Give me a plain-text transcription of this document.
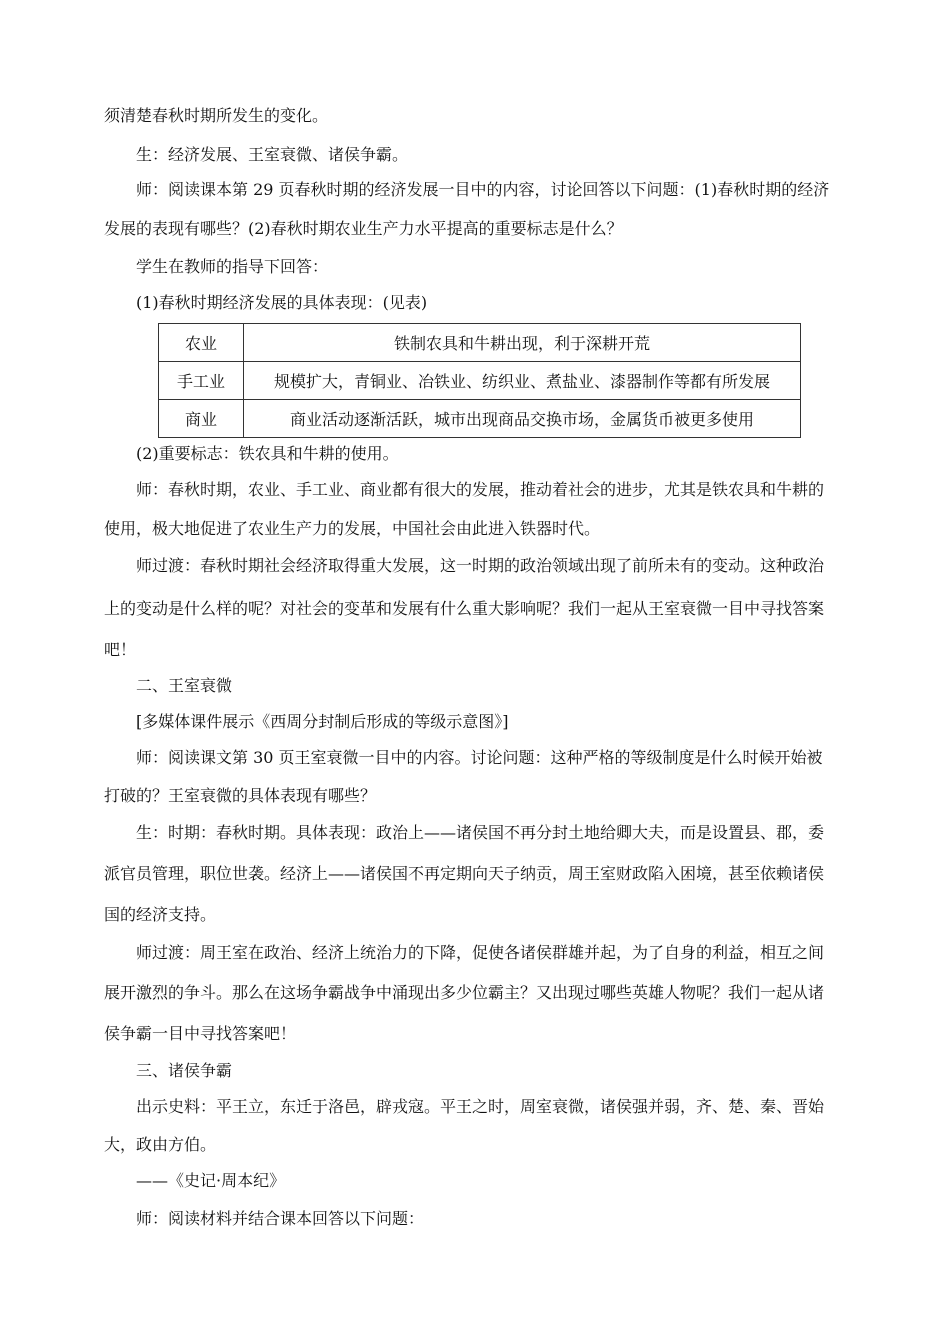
须清楚春秋时期所发生的变化。
生：经济发展、王室衰微、诸侯争霸。
师：阅读课本第 29 页春秋时期的经济发展一目中的内容，讨论回答以下问题：(1)春秋时期的经济
发展的表现有哪些？(2)春秋时期农业生产力水平提高的重要标志是什么？
学生在教师的指导下回答：
(1)春秋时期经济发展的具体表现：(见表)
农业	铁制农具和牛耕出现，利于深耕开荒
手工业	规模扩大，青铜业、冶铁业、纺织业、煮盐业、漆器制作等都有所发展
商业	商业活动逐渐活跃，城市出现商品交换市场，金属货币被更多使用
(2)重要标志：铁农具和牛耕的使用。
师：春秋时期，农业、手工业、商业都有很大的发展，推动着社会的进步，尤其是铁农具和牛耕的
使用，极大地促进了农业生产力的发展，中国社会由此进入铁器时代。
师过渡：春秋时期社会经济取得重大发展，这一时期的政治领域出现了前所未有的变动。这种政治
上的变动是什么样的呢？对社会的变革和发展有什么重大影响呢？我们一起从王室衰微一目中寻找答案
吧！
二、王室衰微
[多媒体课件展示《西周分封制后形成的等级示意图》]
师：阅读课文第 30 页王室衰微一目中的内容。讨论问题：这种严格的等级制度是什么时候开始被
打破的？王室衰微的具体表现有哪些？
生：时期：春秋时期。具体表现：政治上——诸侯国不再分封土地给卿大夫，而是设置县、郡，委
派官员管理，职位世袭。经济上——诸侯国不再定期向天子纳贡，周王室财政陷入困境，甚至依赖诸侯
国的经济支持。
师过渡：周王室在政治、经济上统治力的下降，促使各诸侯群雄并起，为了自身的利益，相互之间
展开激烈的争斗。那么在这场争霸战争中涌现出多少位霸主？又出现过哪些英雄人物呢？我们一起从诸
侯争霸一目中寻找答案吧！
三、诸侯争霸
出示史料：平王立，东迁于洛邑，辟戎寇。平王之时，周室衰微，诸侯强并弱，齐、楚、秦、晋始
大，政由方伯。
——《史记·周本纪》
师：阅读材料并结合课本回答以下问题：
